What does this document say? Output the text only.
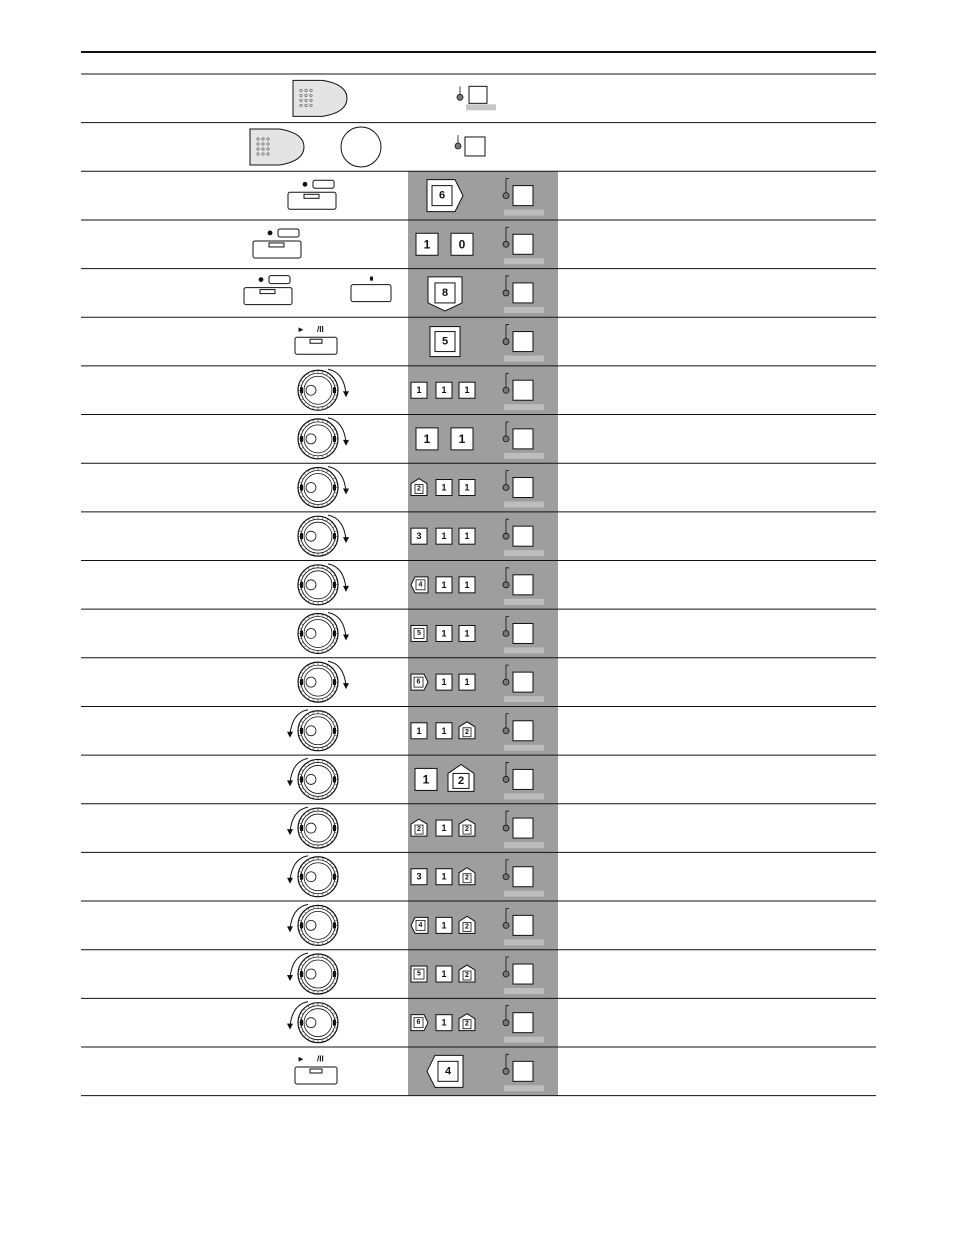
6
1 0
8
► /II
5
1 1 1
1 1
2 1 1
3 1 1
4 1 1
5 1 1
6 1 1
1 1	2
1	2
2 1	2
3 1	2
4 1	2
5 1	2
6 1	2
► /II
4
